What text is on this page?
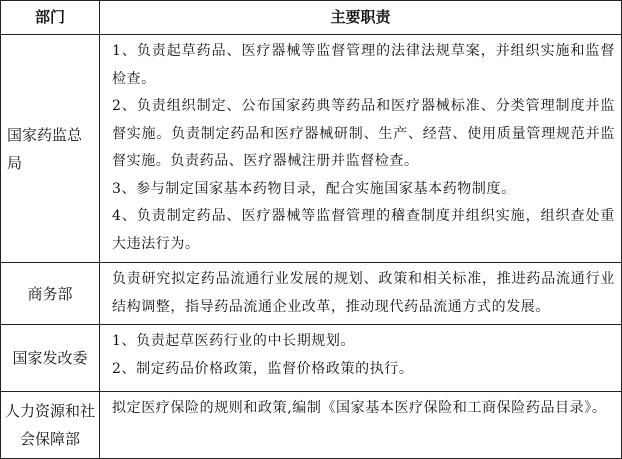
部门	主要职责
国家药监总局	1、负责起草药品、医疗器械等监督管理的法律法规草案，并组织实施和监督检查。

2、负责组织制定、公布国家药典等药品和医疗器械标准、分类管理制度并监督实施。负责制定药品和医疗器械研制、生产、经营、使用质量管理规范并监督实施。负责药品、医疗器械注册并监督检查。

3、参与制定国家基本药物目录，配合实施国家基本药物制度。

4、负责制定药品、医疗器械等监督管理的稽查制度并组织实施，组织查处重大违法行为。

商务部	负责研究拟定药品流通行业发展的规划、政策和相关标准，推进药品流通行业结构调整，指导药品流通企业改革，推动现代药品流通方式的发展。

国家发改委	1、负责起草医药行业的中长期规划。

2、制定药品价格政策，监督价格政策的执行。

人力资源和社会保障部	拟定医疗保险的规则和政策,编制《国家基本医疗保险和工商保险药品目录》。
